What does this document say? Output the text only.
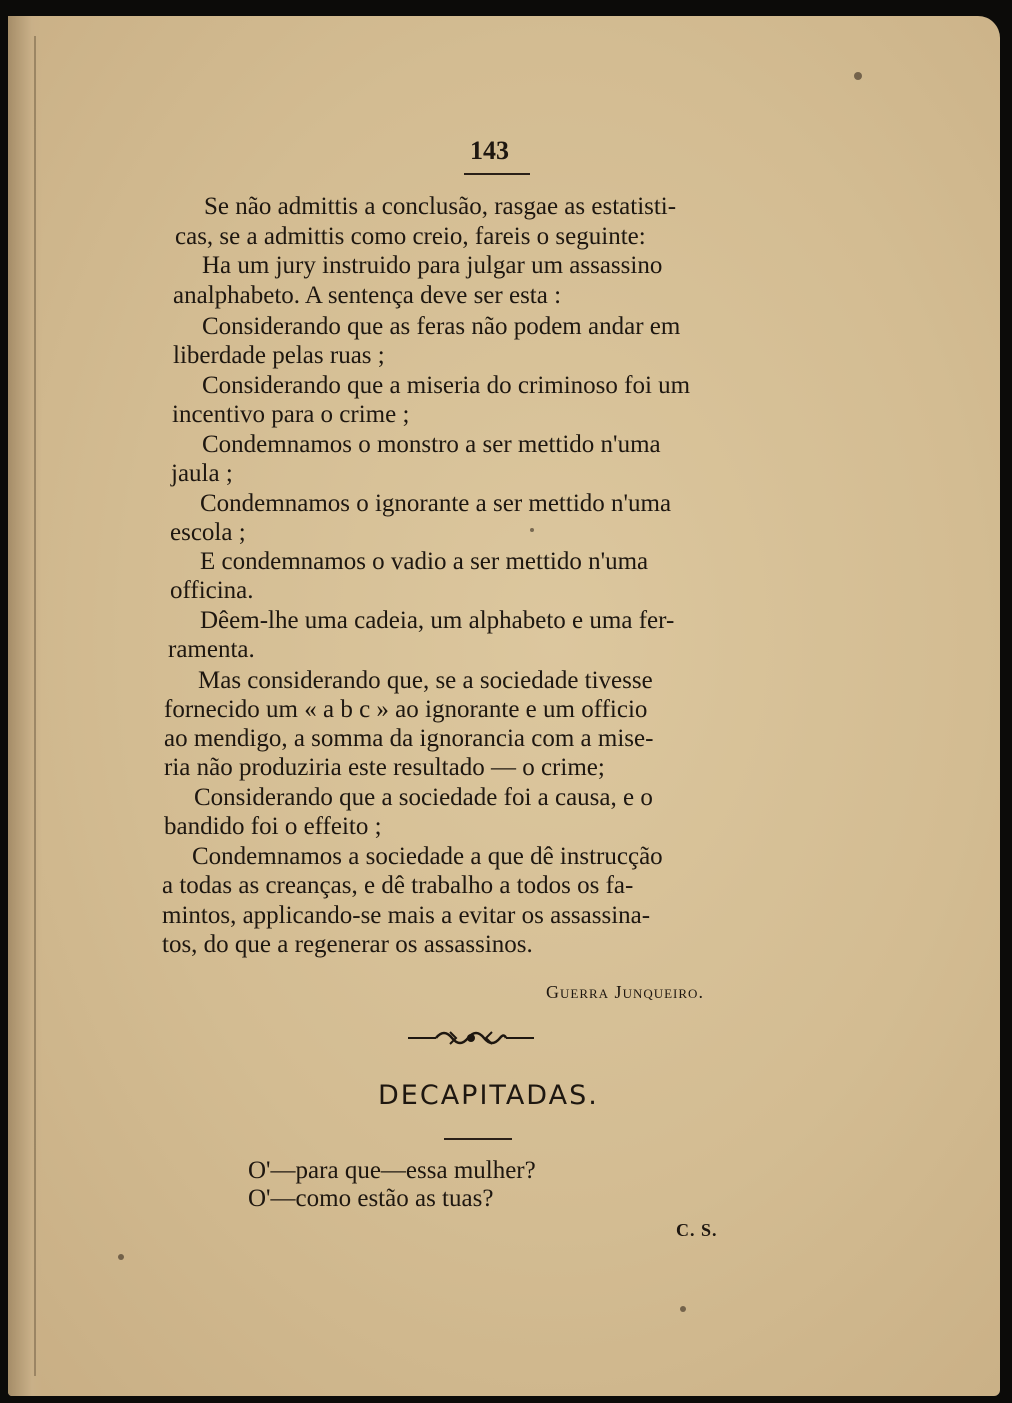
143
Se não admittis a conclusão, rasgae as estatisti-
cas, se a admittis como creio, fareis o seguinte:
Ha um jury instruido para julgar um assassino
analphabeto. A sentença deve ser esta :
Considerando que as feras não podem andar em
liberdade pelas ruas ;
Considerando que a miseria do criminoso foi um
incentivo para o crime ;
Condemnamos o monstro a ser mettido n'uma
jaula ;
Condemnamos o ignorante a ser mettido n'uma
escola ;
E condemnamos o vadio a ser mettido n'uma
officina.
Dêem-lhe uma cadeia, um alphabeto e uma fer-
ramenta.
Mas considerando que, se a sociedade tivesse
fornecido um « a b c » ao ignorante e um officio
ao mendigo, a somma da ignorancia com a mise-
ria não produziria este resultado — o crime;
Considerando que a sociedade foi a causa, e o
bandido foi o effeito ;
Condemnamos a sociedade a que dê instrucção
a todas as creanças, e dê trabalho a todos os fa-
mintos, applicando-se mais a evitar os assassina-
tos, do que a regenerar os assassinos.
Guerra Junqueiro.
DECAPITADAS.
O'—para que—essa mulher?
O'—como estão as tuas?
C. S.
